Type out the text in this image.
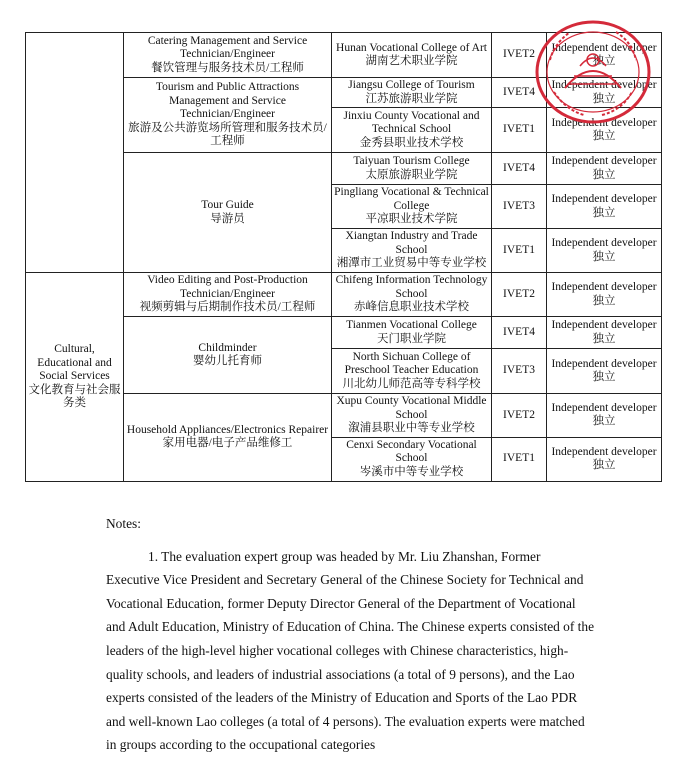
	Catering Management and Service Technician/Engineer
餐饮管理与服务技术员/工程师	Hunan Vocational College of Art
湖南艺术职业学院	IVET2	Independent developer
独立
	Tourism and Public Attractions Management and Service Technician/Engineer
旅游及公共游览场所管理和服务技术员/工程师	Jiangsu College of Tourism
江苏旅游职业学院	IVET4	Independent developer
独立
		Jinxiu County Vocational and Technical School
金秀县职业技术学校	IVET1	Independent developer
独立
	Tour Guide
导游员	Taiyuan Tourism College
太原旅游职业学院	IVET4	Independent developer
独立
		Pingliang Vocational & Technical College
平凉职业技术学院	IVET3	Independent developer
独立
		Xiangtan Industry and Trade School
湘潭市工业贸易中等专业学校	IVET1	Independent developer
独立
Cultural, Educational and Social Services
文化教育与社会服务类	Video Editing and Post-Production Technician/Engineer
视频剪辑与后期制作技术员/工程师	Chifeng Information Technology School
赤峰信息职业技术学校	IVET2	Independent developer
独立
	Childminder
婴幼儿托育师	Tianmen Vocational College
天门职业学院	IVET4	Independent developer
独立
		North Sichuan College of Preschool Teacher Education
川北幼儿师范高等专科学校	IVET3	Independent developer
独立
	Household Appliances/Electronics Repairer
家用电器/电子产品维修工	Xupu County Vocational Middle School
溆浦县职业中等专业学校	IVET2	Independent developer
独立
		Cenxi Secondary Vocational School
岑溪市中等专业学校	IVET1	Independent developer
独立

Notes:

1. The evaluation expert group was headed by Mr. Liu Zhanshan, Former Executive Vice President and Secretary General of the Chinese Society for Technical and Vocational Education, former Deputy Director General of the Department of Vocational and Adult Education, Ministry of Education of China. The Chinese experts consisted of the leaders of the high-level higher vocational colleges with Chinese characteristics, high-quality schools, and leaders of industrial associations (a total of 9 persons), and the Lao experts consisted of the leaders of the Ministry of Education and Sports of the Lao PDR and well-known Lao colleges (a total of 4 persons). The evaluation experts were matched in groups according to the occupational categories
